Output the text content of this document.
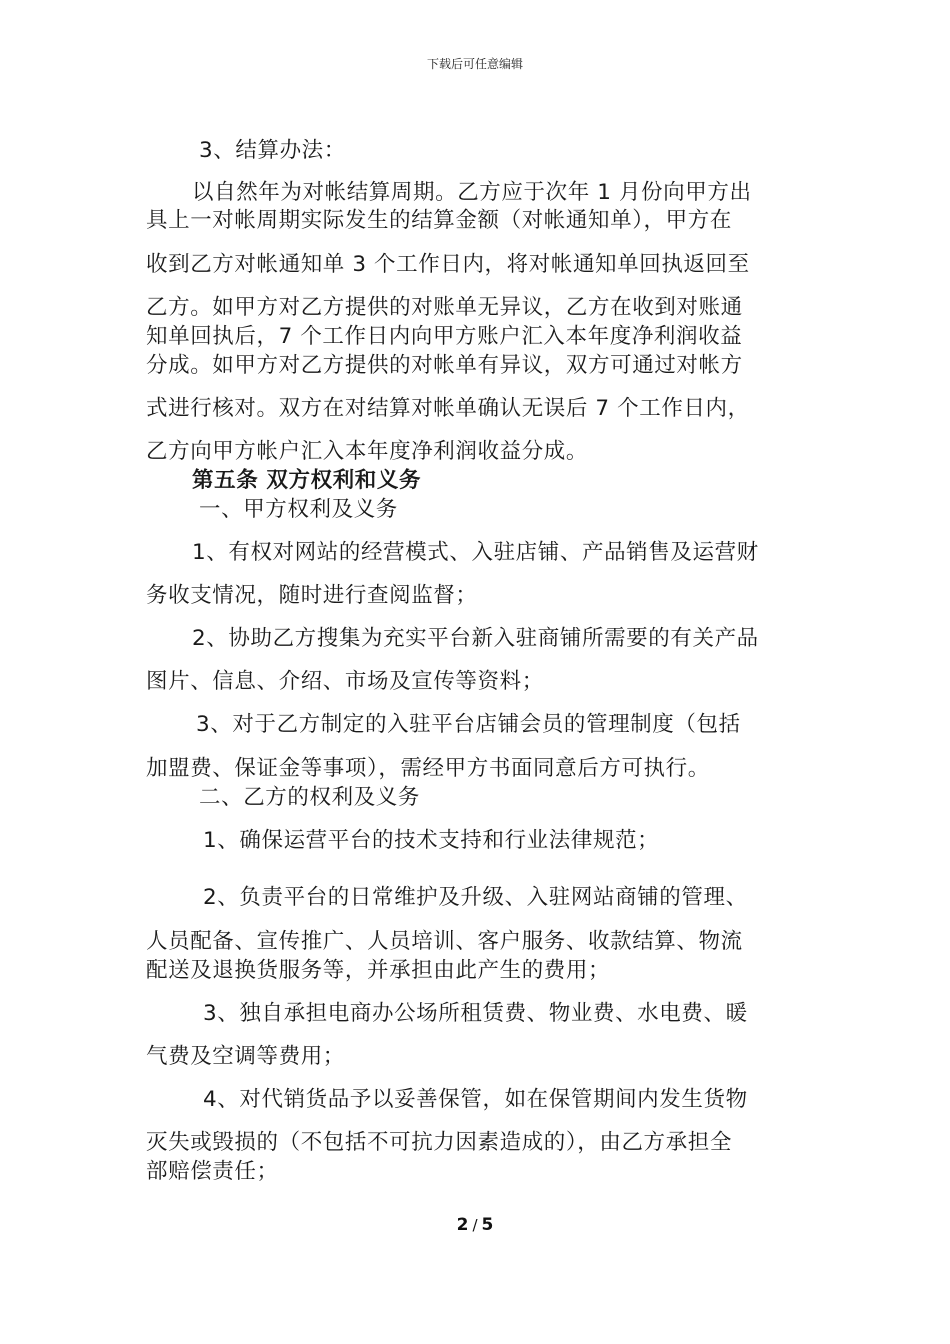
下载后可任意编辑
3、结算办法：
以自然年为对帐结算周期。乙方应于次年 1 月份向甲方出
具上一对帐周期实际发生的结算金额（对帐通知单），甲方在
收到乙方对帐通知单 3 个工作日内，将对帐通知单回执返回至
乙方。如甲方对乙方提供的对账单无异议，乙方在收到对账通
知单回执后，7 个工作日内向甲方账户汇入本年度净利润收益
分成。如甲方对乙方提供的对帐单有异议，双方可通过对帐方
式进行核对。双方在对结算对帐单确认无误后 7 个工作日内，
乙方向甲方帐户汇入本年度净利润收益分成。
第五条 双方权利和义务
一、甲方权利及义务
1、有权对网站的经营模式、入驻店铺、产品销售及运营财
务收支情况，随时进行查阅监督；
2、协助乙方搜集为充实平台新入驻商铺所需要的有关产品
图片、信息、介绍、市场及宣传等资料；
3、对于乙方制定的入驻平台店铺会员的管理制度（包括
加盟费、保证金等事项），需经甲方书面同意后方可执行。
二、乙方的权利及义务
1、确保运营平台的技术支持和行业法律规范；
2、负责平台的日常维护及升级、入驻网站商铺的管理、
人员配备、宣传推广、人员培训、客户服务、收款结算、物流
配送及退换货服务等，并承担由此产生的费用；
3、独自承担电商办公场所租赁费、物业费、水电费、暖
气费及空调等费用；
4、对代销货品予以妥善保管，如在保管期间内发生货物
灭失或毁损的（不包括不可抗力因素造成的），由乙方承担全
部赔偿责任；
2 / 5
